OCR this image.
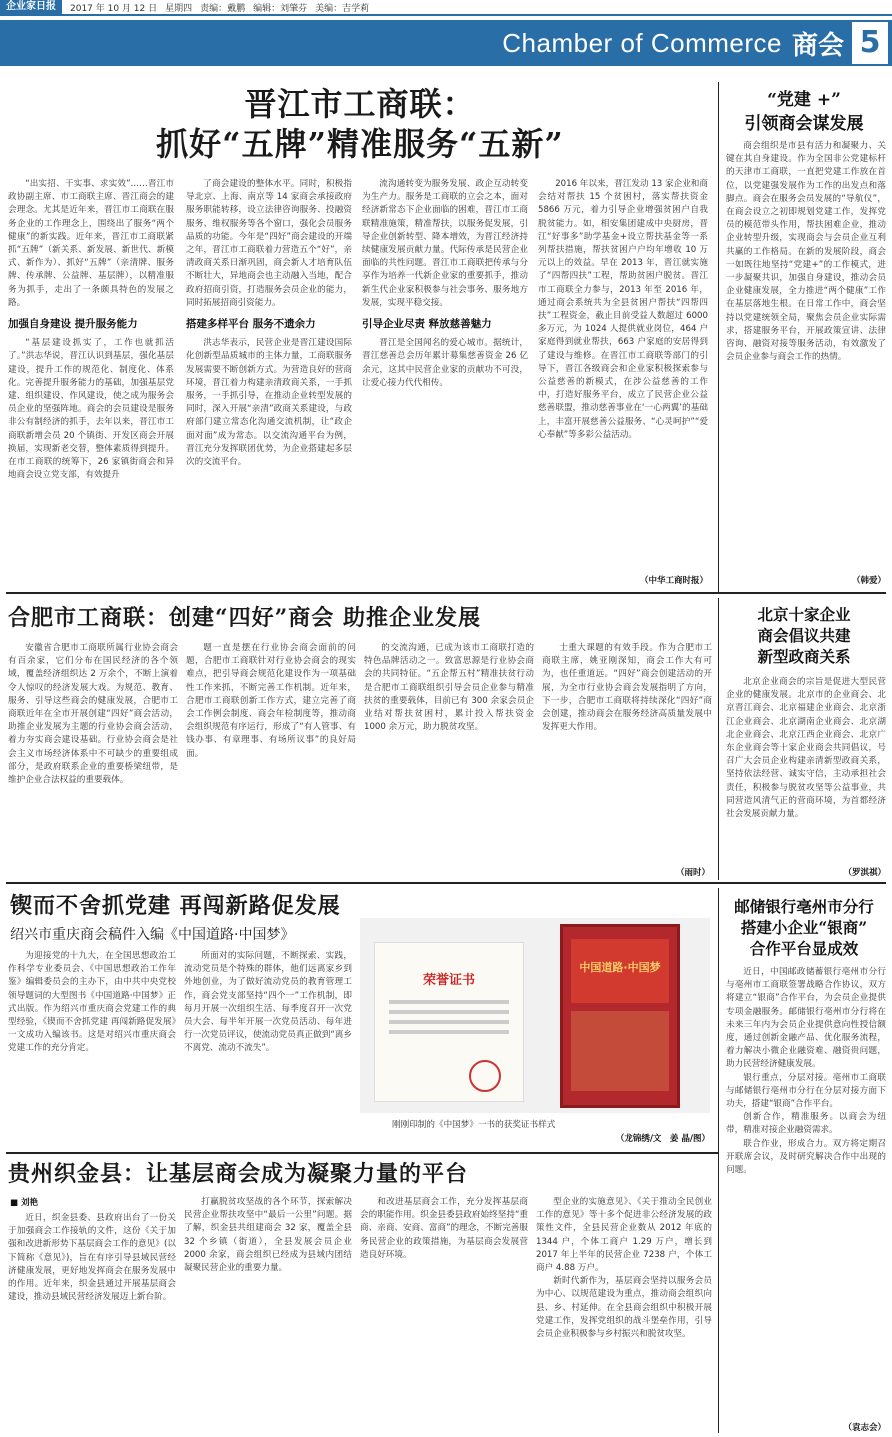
企业家日报	2017 年 10 月 12 日 星期四 责编：戴鹏 编辑：刘肇芬 美编：吉学莉
Chamber of Commerce 商会 5
晋江市工商联：
抓好“五牌”精准服务“五新”

“出实招、干实事、求实效”……晋江市政协副主席、市工商联主席、晋江商会的建会理念。尤其是近年来，晋江市工商联在服务企业的工作理念上，围绕出了服务“两个健康”的新实践。近年来，晋江市工商联紧抓“五牌”（新关系、新发展、新世代、新模式、新作为）、抓好“五牌”（亲清牌、服务牌、传承牌、公益牌、基层牌），以精准服务为抓手，走出了一条颇具特色的发展之路。

加强自身建设 提升服务能力

“基层建设抓实了，工作也就抓活了。”洪志华说，晋江认识到基层，强化基层建设，提升工作的规范化、制度化、体系化。完善提升服务能力的基础，加强基层党建、组织建设、作风建设，使之成为服务会员企业的坚强阵地。商会的会员建设是服务非公有制经济的抓手，去年以来，晋江市工商联新增会员 20 个镇街、开发区商会开展换届，实现新老交替，整体素质得到提升。在市工商联的统筹下，26 家镇街商会和异地商会设立党支部，有效提升

了商会建设的整体水平。同时，积极指导北京、上海、南京等 14 家商会承接政府服务职能转移，设立法律咨询服务、投融资服务、维权服务等各个窗口，强化会员服务品质的功能。今年是“四好”商会建设的开端之年，晋江市工商联着力营造五个“好”，亲清政商关系日渐巩固，商会新人才培育队伍不断壮大，异地商会也主动融入当地，配合政府招商引资，打造服务会员企业的能力，同时拓展招商引资能力。

搭建多样平台 服务不遗余力

洪志华表示，民营企业是晋江建设国际化创新型品质城市的主体力量，工商联服务发展需要不断创新方式。为营造良好的营商环境，晋江着力构建亲清政商关系，一手抓服务，一手抓引导，在推动企业转型发展的同时，深入开展“亲清”政商关系建设，与政府部门建立常态化沟通交流机制，让“政企面对面”成为常态。以交流沟通平台为例，晋江充分发挥联团优势，为企业搭建起多层次的交流平台。

流沟通转变为服务发展、政企互动转变为生产力。服务是工商联的立会之本，面对经济新常态下企业面临的困难，晋江市工商联精准施策，精准帮扶，以服务促发展，引导企业创新转型、降本增效，为晋江经济持续健康发展贡献力量。代际传承是民营企业面临的共性问题。晋江市工商联把传承与分享作为培养一代新企业家的重要抓手，推动新生代企业家积极参与社会事务、服务地方发展，实现平稳交接。

引导企业尽责 释放慈善魅力

晋江是全国闻名的爱心城市。据统计，晋江慈善总会历年累计募集慈善资金 26 亿余元，这其中民营企业家的贡献功不可没，让爱心接力代代相传。

2016 年以来，晋江发动 13 家企业和商会结对帮扶 15 个贫困村，落实帮扶资金 5866 万元，着力引导企业增强贫困户自我脱贫能力。如，相安集团建成中央厨房，晋江“好事多”助学基金+设立帮扶基金等一系列帮扶措施，帮扶贫困户户均年增收 10 万元以上的效益。早在 2013 年，晋江就实施了“四帮四扶”工程，帮助贫困户脱贫。晋江市工商联全力参与，2013 年至 2016 年，通过商会系统共为全县贫困户帮扶“四帮四扶”工程资金，截止目前受益人数超过 6000 多万元，为 1024 人提供就业岗位，464 户家庭得到就业帮扶，663 户家庭的安居得到了建设与维修。在晋江市工商联等部门的引导下，晋江各级商会和企业家积极探索参与公益慈善的新模式，在涉公益慈善的工作中，打造好服务平台，成立了民营企业公益慈善联盟，推动慈善事业在‘一心两翼’的基础上，丰富开展慈善公益服务、“心灵呵护”“爱心奉献”等多彩公益活动。

（中华工商时报）
“党建 +”
引领商会谋发展

商会组织是市县有活力和凝聚力、关键在其自身建设。作为全国非公党建标杆的天津市工商联，一直把党建工作放在首位，以党建强发展作为工作的出发点和落脚点。商会在服务会员发展的“导航仪”，在商会设立之初即规划党建工作，发挥党员的模范带头作用，帮扶困难企业，推动企业转型升级，实现商会与会员企业互利共赢的工作格局。在新的发展阶段，商会一如既往地坚持“党建+”的工作模式，进一步凝聚共识，加强自身建设，推动会员企业健康发展，全力推进“两个健康”工作在基层落地生根。在日常工作中，商会坚持以党建统领全局，聚焦会员企业实际需求，搭建服务平台，开展政策宣讲、法律咨询、融资对接等服务活动，有效激发了会员企业参与商会工作的热情。

（韩爱）
合肥市工商联：创建“四好”商会 助推企业发展

安徽省合肥市工商联所属行业协会商会有百余家，它们分布在国民经济的各个领域，覆盖经济组织达 2 万余个，不断上演着令人惊叹的经济发展大戏。为规范、教育、服务、引导这些商会的健康发展，合肥市工商联近年在全市开展创建“四好”商会活动，助推企业发展为主题的行业协会商会活动，着力夯实商会建设基础。行业协会商会是社会主义市场经济体系中不可缺少的重要组成部分，是政府联系企业的重要桥梁纽带，是维护企业合法权益的重要载体。

题一直是摆在行业协会商会面前的问题，合肥市工商联针对行业协会商会的现实难点，把引导商会规范化建设作为一项基础性工作来抓，不断完善工作机制。近年来，合肥市工商联创新工作方式，建立完善了商会工作例会制度、商会年检制度等，推动商会组织规范有序运行，形成了“有人管事、有钱办事、有章理事、有场所议事”的良好局面。

的交流沟通，已成为该市工商联打造的特色品牌活动之一。致富思源是行业协会商会的共同特征。“五企帮五村”精准扶贫行动是合肥市工商联组织引导会员企业参与精准扶贫的重要载体，目前已有 300 余家会员企业结对帮扶贫困村，累计投入帮扶资金 1000 余万元，助力脱贫攻坚。

士重大课题的有效手段。作为合肥市工商联主席，姚亚刚深知，商会工作大有可为，也任重道远。“四好”商会创建活动的开展，为全市行业协会商会发展指明了方向，下一步，合肥市工商联将持续深化“四好”商会创建，推动商会在服务经济高质量发展中发挥更大作用。

（雨时）
北京十家企业
商会倡议共建
新型政商关系

北京企业商会的宗旨是促进大型民营企业的健康发展。北京市的企业商会、北京晋江商会、北京福建企业商会、北京浙江企业商会、北京湖南企业商会、北京湖北企业商会、北京江西企业商会、北京广东企业商会等十家企业商会共同倡议，号召广大会员企业构建亲清新型政商关系，坚持依法经营、诚实守信，主动承担社会责任，积极参与脱贫攻坚等公益事业，共同营造风清气正的营商环境，为首都经济社会发展贡献力量。

（罗淇祺）
锲而不舍抓党建 再闯新路促发展
绍兴市重庆商会稿件入编《中国道路·中国梦》

为迎接党的十九大，在全国思想政治工作科学专业委员会、《中国思想政治工作年鉴》编辑委员会的主办下，由中共中央党校领导题词的大型图书《中国道路·中国梦》正式出版。作为绍兴市重庆商会党建工作的典型经验，《锲而不舍抓党建 再闯新路促发展》一文成功入编该书。这是对绍兴市重庆商会党建工作的充分肯定。

所面对的实际问题，不断探索、实践，流动党员是个特殊的群体，他们远离家乡到外地创业，为了做好流动党员的教育管理工作，商会党支部坚持“四个一”工作机制，即每月开展一次组织生活、每季度召开一次党员大会、每半年开展一次党员活动、每年进行一次党员评议，使流动党员真正做到“离乡不离党、流动不流失”。

荣誉证书
中国道路·中国梦
刚刚印制的《中国梦》一书的获奖证书样式
（龙锦绣/文　姜 晶/图）
邮储银行亳州市分行
搭建小企业“银商”
合作平台显成效

近日，中国邮政储蓄银行亳州市分行与亳州市工商联签署战略合作协议，双方将建立“银商”合作平台，为会员企业提供专项金融服务。邮储银行亳州市分行将在未来三年内为会员企业提供意向性授信额度，通过创新金融产品、优化服务流程，着力解决小微企业融资难、融资贵问题，助力民营经济健康发展。

银行重点，分层对接。亳州市工商联与邮储银行亳州市分行在分层对接方面下功夫，搭建“银商”合作平台。

创新合作，精准服务。以商会为纽带，精准对接企业融资需求。

联合作业，形成合力。双方将定期召开联席会议，及时研究解决合作中出现的问题。

（袁志会）
贵州织金县：让基层商会成为凝聚力量的平台
■ 刘艳

近日，织金县委、县政府出台了一份关于加强商会工作接轨的文件，这份《关于加强和改进新形势下基层商会工作的意见》(以下简称《意见》)，旨在有序引导县域民营经济健康发展，更好地发挥商会在服务发展中的作用。近年来，织金县通过开展基层商会建设，推动县域民营经济发展迈上新台阶。

打赢脱贫攻坚战的各个环节，探索解决民营企业帮扶攻坚中“最后一公里”问题。据了解，织金县共组建商会 32 家，覆盖全县 32 个乡镇（街道），全县发展会员企业 2000 余家，商会组织已经成为县域内团结凝聚民营企业的重要力量。

和改进基层商会工作，充分发挥基层商会的职能作用。织金县委县政府始终坚持“重商、亲商、安商、富商”的理念，不断完善服务民营企业的政策措施，为基层商会发展营造良好环境。

型企业的实施意见》、《关于推动全民创业工作的意见》等十多个促进非公经济发展的政策性文件，全县民营企业数从 2012 年底的 1344 户，个体工商户 1.29 万户，增长到 2017 年上半年的民营企业 7238 户，个体工商户 4.88 万户。

新时代新作为，基层商会坚持以服务会员为中心、以规范建设为重点，推动商会组织向县、乡、村延伸。在全县商会组织中积极开展党建工作，发挥党组织的战斗堡垒作用，引导会员企业积极参与乡村振兴和脱贫攻坚。
